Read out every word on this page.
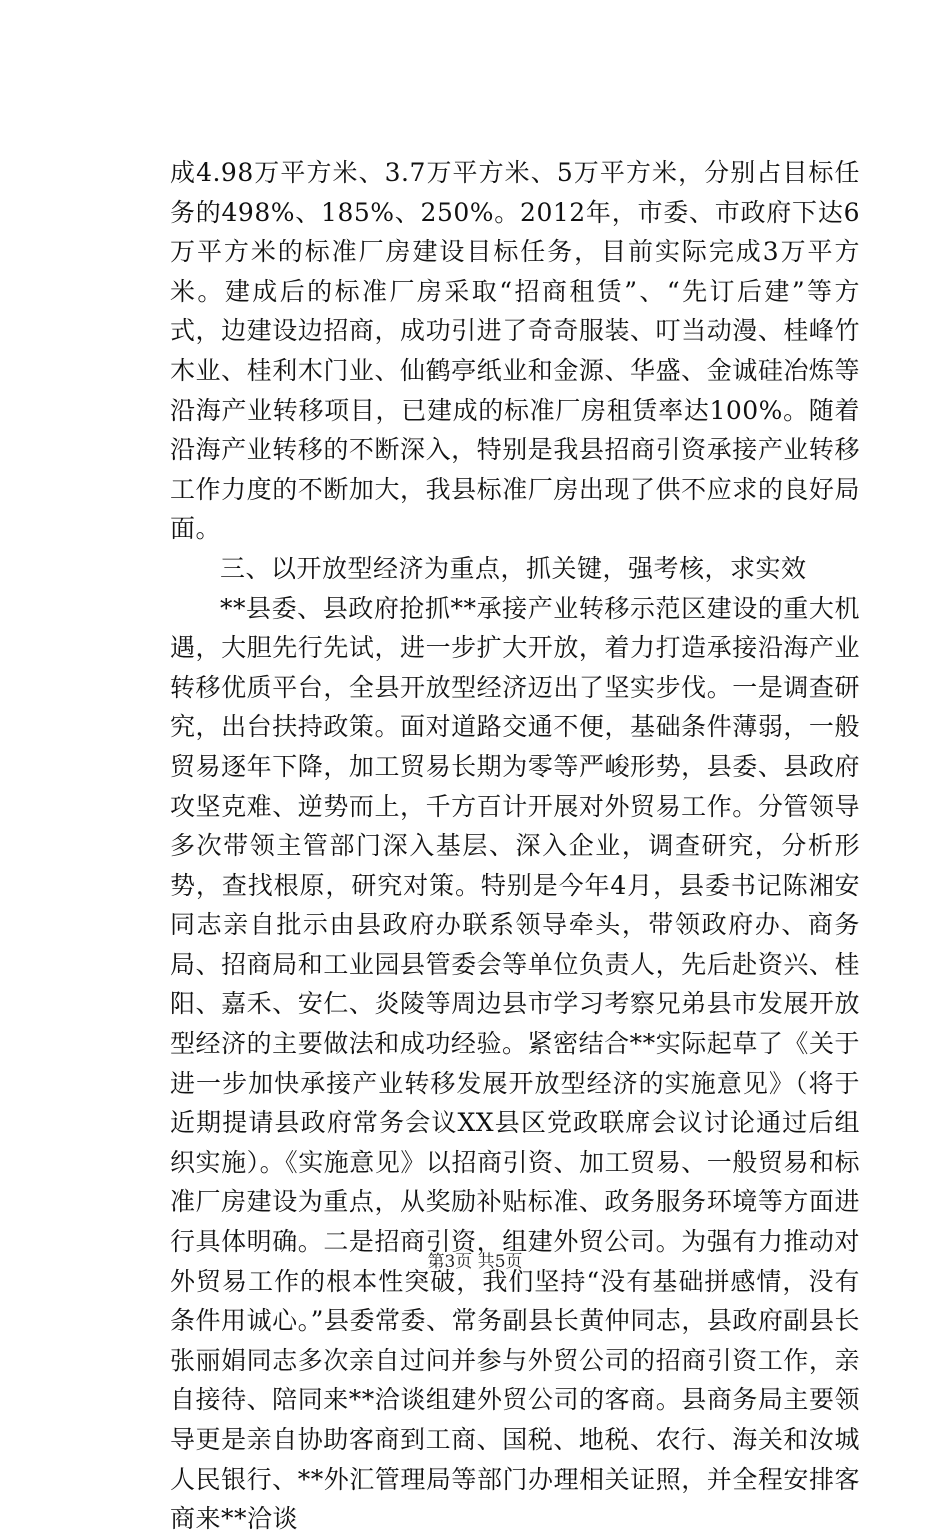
成4.98万平方米、3.7万平方米、5万平方米，分别占目标任务的498%、185%、250%。2012年，市委、市政府下达6万平方米的标准厂房建设目标任务，目前实际完成3万平方米。建成后的标准厂房采取“招商租赁”、“先订后建”等方式，边建设边招商，成功引进了奇奇服装、叮当动漫、桂峰竹木业、桂利木门业、仙鹤亭纸业和金源、华盛、金诚硅冶炼等沿海产业转移项目，已建成的标准厂房租赁率达100%。随着沿海产业转移的不断深入，特别是我县招商引资承接产业转移工作力度的不断加大，我县标准厂房出现了供不应求的良好局面。

三、以开放型经济为重点，抓关键，强考核，求实效

**县委、县政府抢抓**承接产业转移示范区建设的重大机遇，大胆先行先试，进一步扩大开放，着力打造承接沿海产业转移优质平台，全县开放型经济迈出了坚实步伐。一是调查研究，出台扶持政策。面对道路交通不便，基础条件薄弱，一般贸易逐年下降，加工贸易长期为零等严峻形势，县委、县政府攻坚克难、逆势而上，千方百计开展对外贸易工作。分管领导多次带领主管部门深入基层、深入企业，调查研究，分析形势，查找根原，研究对策。特别是今年4月，县委书记陈湘安同志亲自批示由县政府办联系领导牵头，带领政府办、商务局、招商局和工业园县管委会等单位负责人，先后赴资兴、桂阳、嘉禾、安仁、炎陵等周边县市学习考察兄弟县市发展开放型经济的主要做法和成功经验。紧密结合**实际起草了《关于进一步加快承接产业转移发展开放型经济的实施意见》（将于近期提请县政府常务会议XX县区党政联席会议讨论通过后组织实施）。《实施意见》以招商引资、加工贸易、一般贸易和标准厂房建设为重点，从奖励补贴标准、政务服务环境等方面进行具体明确。二是招商引资，组建外贸公司。为强有力推动对外贸易工作的根本性突破，我们坚持“没有基础拼感情，没有条件用诚心。”县委常委、常务副县长黄仲同志，县政府副县长张丽娟同志多次亲自过问并参与外贸公司的招商引资工作，亲自接待、陪同来**洽谈组建外贸公司的客商。县商务局主要领导更是亲自协助客商到工商、国税、地税、农行、海关和汝城人民银行、**外汇管理局等部门办理相关证照，并全程安排客商来**洽谈

第3页 共5页
